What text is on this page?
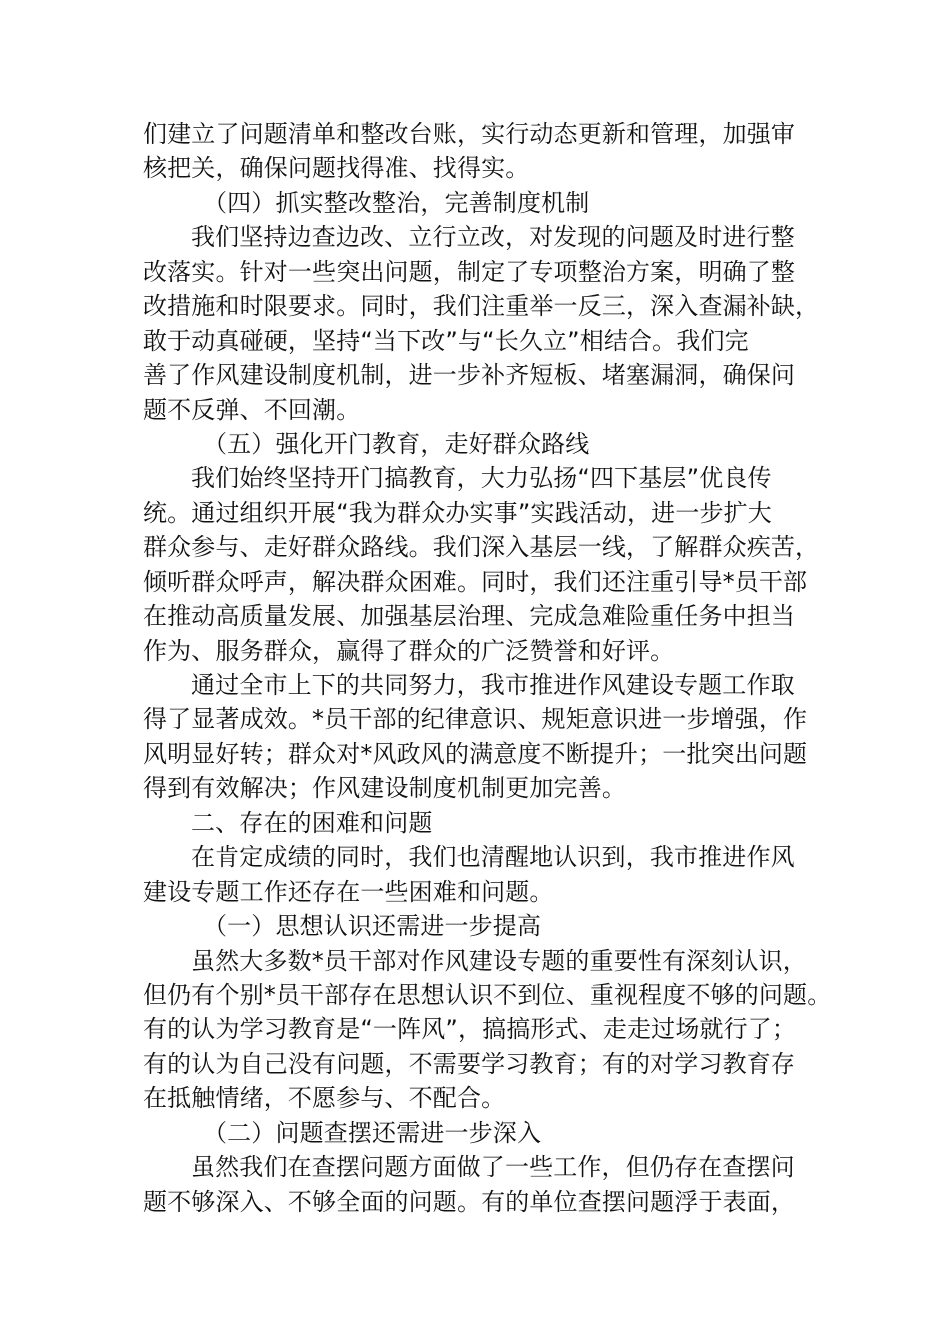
们建立了问题清单和整改台账，实行动态更新和管理，加强审
核把关，确保问题找得准、找得实。
（四）抓实整改整治，完善制度机制
我们坚持边查边改、立行立改，对发现的问题及时进行整
改落实。针对一些突出问题，制定了专项整治方案，明确了整
改措施和时限要求。同时，我们注重举一反三，深入查漏补缺，
敢于动真碰硬，坚持“当下改”与“长久立”相结合。我们完
善了作风建设制度机制，进一步补齐短板、堵塞漏洞，确保问
题不反弹、不回潮。
（五）强化开门教育，走好群众路线
我们始终坚持开门搞教育，大力弘扬“四下基层”优良传
统。通过组织开展“我为群众办实事”实践活动，进一步扩大
群众参与、走好群众路线。我们深入基层一线，了解群众疾苦，
倾听群众呼声，解决群众困难。同时，我们还注重引导*员干部
在推动高质量发展、加强基层治理、完成急难险重任务中担当
作为、服务群众，赢得了群众的广泛赞誉和好评。
通过全市上下的共同努力，我市推进作风建设专题工作取
得了显著成效。*员干部的纪律意识、规矩意识进一步增强，作
风明显好转；群众对*风政风的满意度不断提升；一批突出问题
得到有效解决；作风建设制度机制更加完善。
二、存在的困难和问题
在肯定成绩的同时，我们也清醒地认识到，我市推进作风
建设专题工作还存在一些困难和问题。
（一）思想认识还需进一步提高
虽然大多数*员干部对作风建设专题的重要性有深刻认识，
但仍有个别*员干部存在思想认识不到位、重视程度不够的问题。
有的认为学习教育是“一阵风”，搞搞形式、走走过场就行了；
有的认为自己没有问题，不需要学习教育；有的对学习教育存
在抵触情绪，不愿参与、不配合。
（二）问题查摆还需进一步深入
虽然我们在查摆问题方面做了一些工作，但仍存在查摆问
题不够深入、不够全面的问题。有的单位查摆问题浮于表面，
